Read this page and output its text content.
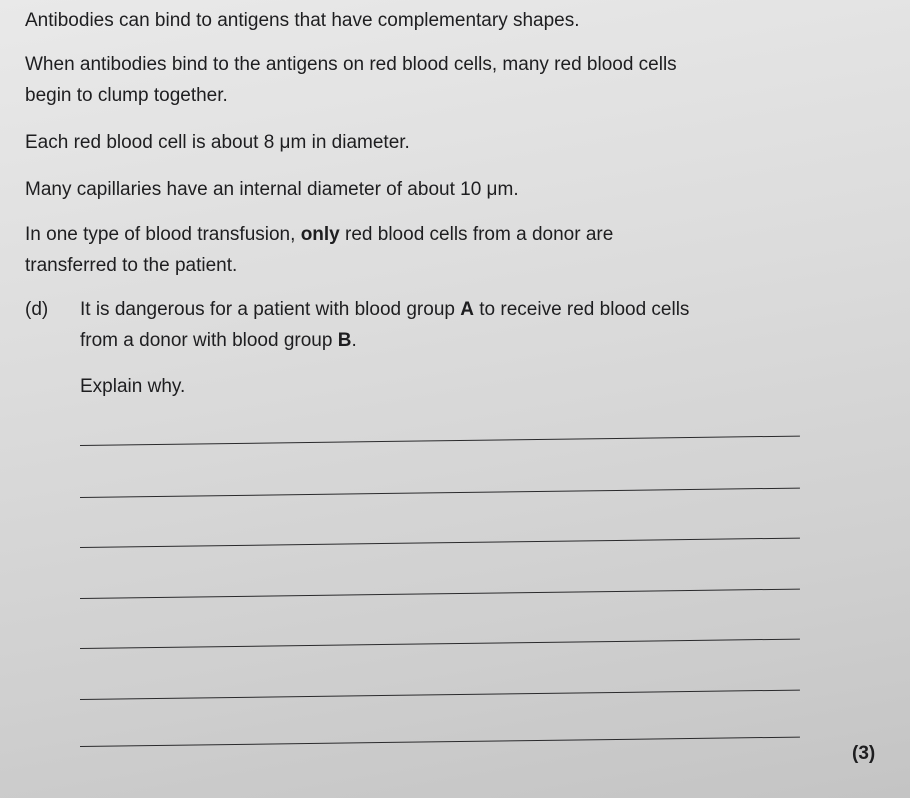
Antibodies can bind to antigens that have complementary shapes.

When antibodies bind to the antigens on red blood cells, many red blood cells
begin to clump together.

Each red blood cell is about 8 μm in diameter.

Many capillaries have an internal diameter of about 10 μm.

In one type of blood transfusion, only red blood cells from a donor are
transferred to the patient.

(d) It is dangerous for a patient with blood group A to receive red blood cells
from a donor with blood group B.
Explain why.
(3)
